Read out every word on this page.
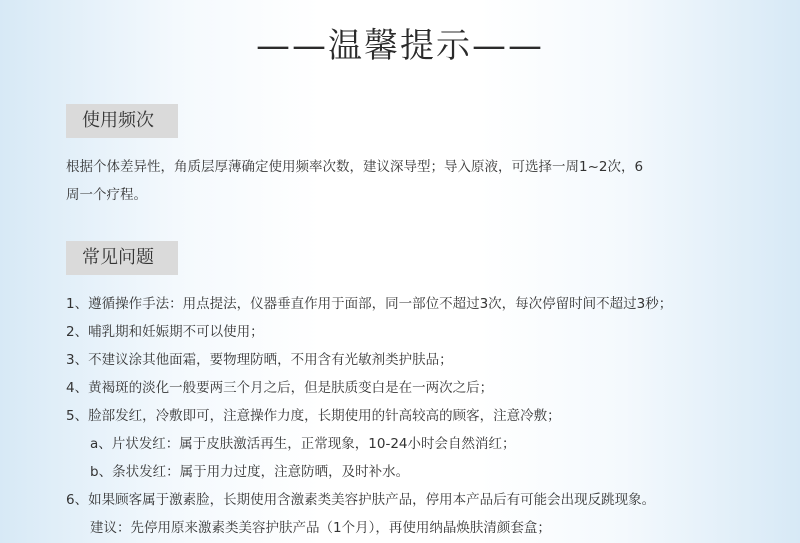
——温馨提示——
使用频次
根据个体差异性，角质层厚薄确定使用频率次数，建议深导型；导入原液，可选择一周1~2次，6
周一个疗程。
常见问题
1、遵循操作手法：用点提法，仪器垂直作用于面部，同一部位不超过3次，每次停留时间不超过3秒；
2、哺乳期和妊娠期不可以使用；
3、不建议涂其他面霜，要物理防晒，不用含有光敏剂类护肤品；
4、黄褐斑的淡化一般要两三个月之后，但是肤质变白是在一两次之后；
5、脸部发红，冷敷即可，注意操作力度，长期使用的针高较高的顾客，注意冷敷；
a、片状发红：属于皮肤激活再生，正常现象，10-24小时会自然消红；
b、条状发红：属于用力过度，注意防晒，及时补水。
6、如果顾客属于激素脸，长期使用含激素类美容护肤产品，停用本产品后有可能会出现反跳现象。
建议：先停用原来激素类美容护肤产品（1个月），再使用纳晶焕肤清颜套盒；
